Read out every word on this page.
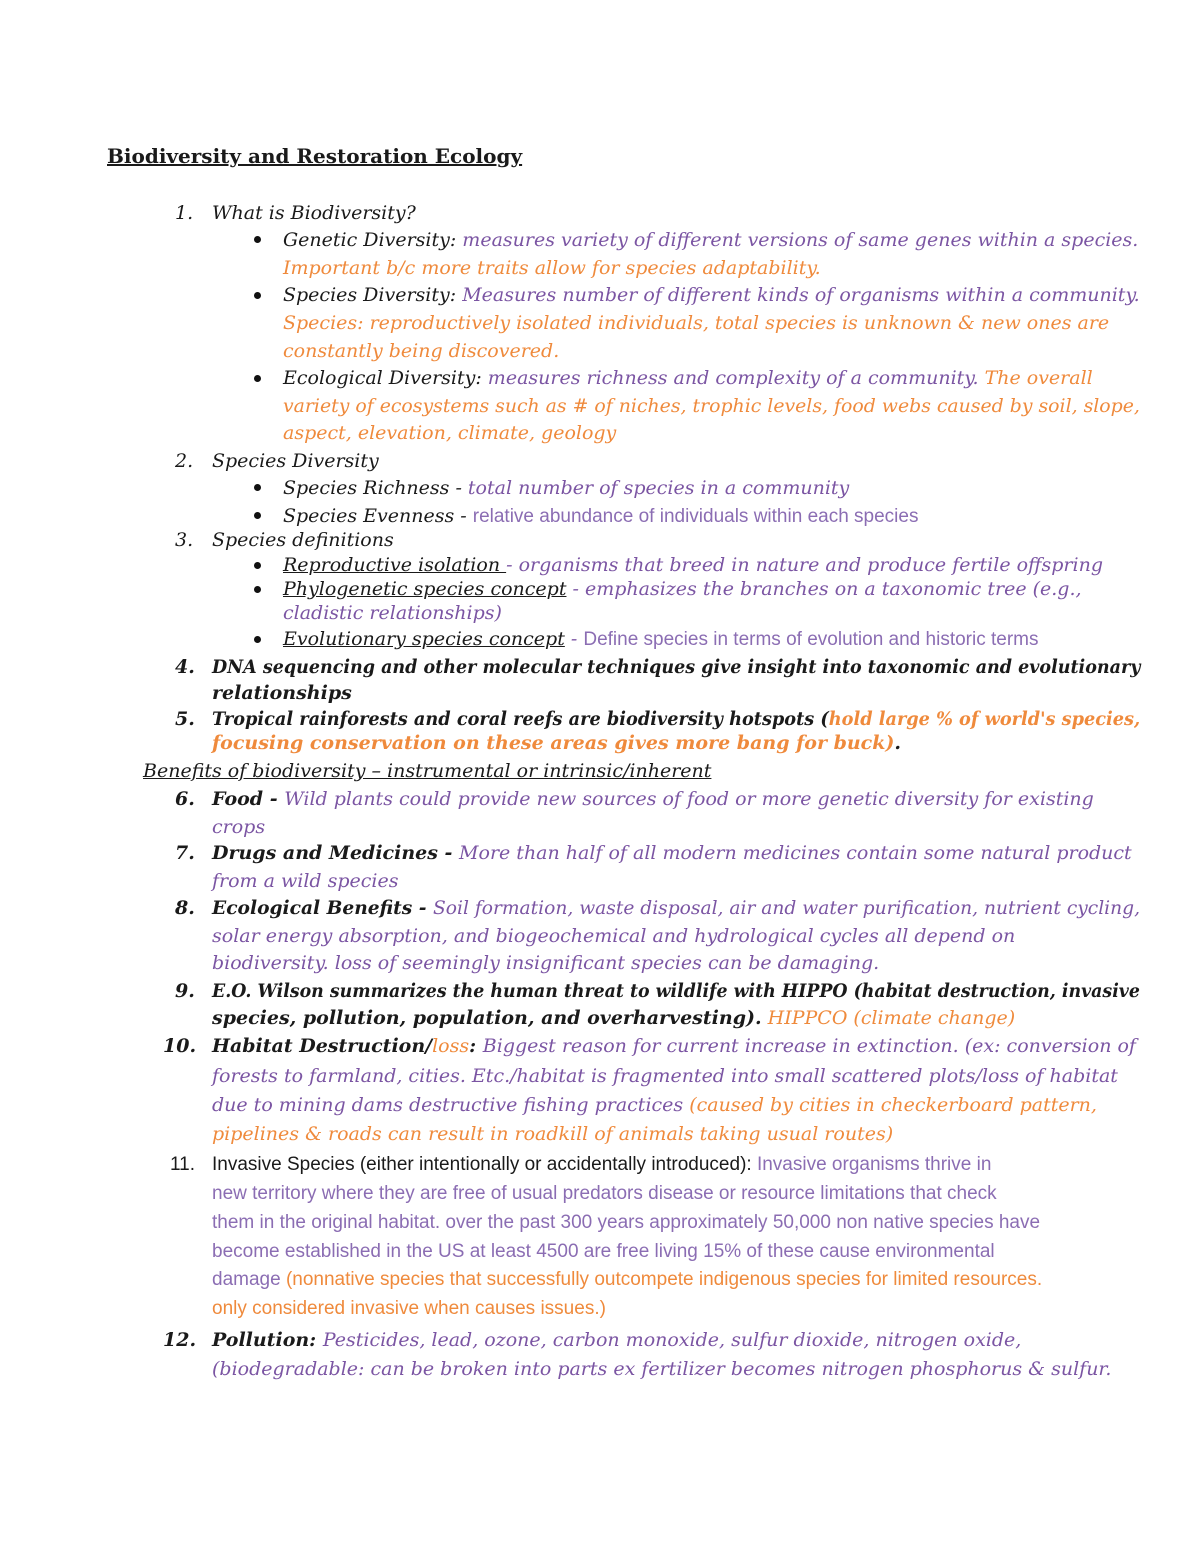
Biodiversity and Restoration Ecology
1. What is Biodiversity?
Genetic Diversity: measures variety of different versions of same genes within a species.
Important b/c more traits allow for species adaptability.
Species Diversity: Measures number of different kinds of organisms within a community.
Species: reproductively isolated individuals, total species is unknown & new ones are
constantly being discovered.
Ecological Diversity: measures richness and complexity of a community. The overall
variety of ecosystems such as # of niches, trophic levels, food webs caused by soil, slope,
aspect, elevation, climate, geology
2. Species Diversity
Species Richness - total number of species in a community
Species Evenness - relative abundance of individuals within each species
3. Species definitions
Reproductive isolation - organisms that breed in nature and produce fertile offspring
Phylogenetic species concept - emphasizes the branches on a taxonomic tree (e.g.,
cladistic relationships)
Evolutionary species concept - Define species in terms of evolution and historic terms
4. DNA sequencing and other molecular techniques give insight into taxonomic and evolutionary
relationships
5. Tropical rainforests and coral reefs are biodiversity hotspots (hold large % of world's species,
focusing conservation on these areas gives more bang for buck).
Benefits of biodiversity – instrumental or intrinsic/inherent
6. Food - Wild plants could provide new sources of food or more genetic diversity for existing
crops
7. Drugs and Medicines - More than half of all modern medicines contain some natural product
from a wild species
8. Ecological Benefits - Soil formation, waste disposal, air and water purification, nutrient cycling,
solar energy absorption, and biogeochemical and hydrological cycles all depend on
biodiversity. loss of seemingly insignificant species can be damaging.
9. E.O. Wilson summarizes the human threat to wildlife with HIPPO (habitat destruction, invasive
species, pollution, population, and overharvesting). HIPPCO (climate change)
10. Habitat Destruction/loss: Biggest reason for current increase in extinction. (ex: conversion of
forests to farmland, cities. Etc./habitat is fragmented into small scattered plots/loss of habitat
due to mining dams destructive fishing practices (caused by cities in checkerboard pattern,
pipelines & roads can result in roadkill of animals taking usual routes)
11. Invasive Species (either intentionally or accidentally introduced): Invasive organisms thrive in
new territory where they are free of usual predators disease or resource limitations that check
them in the original habitat. over the past 300 years approximately 50,000 non native species have
become established in the US at least 4500 are free living 15% of these cause environmental
damage (nonnative species that successfully outcompete indigenous species for limited resources.
only considered invasive when causes issues.)
12. Pollution: Pesticides, lead, ozone, carbon monoxide, sulfur dioxide, nitrogen oxide,
(biodegradable: can be broken into parts ex fertilizer becomes nitrogen phosphorus & sulfur.
